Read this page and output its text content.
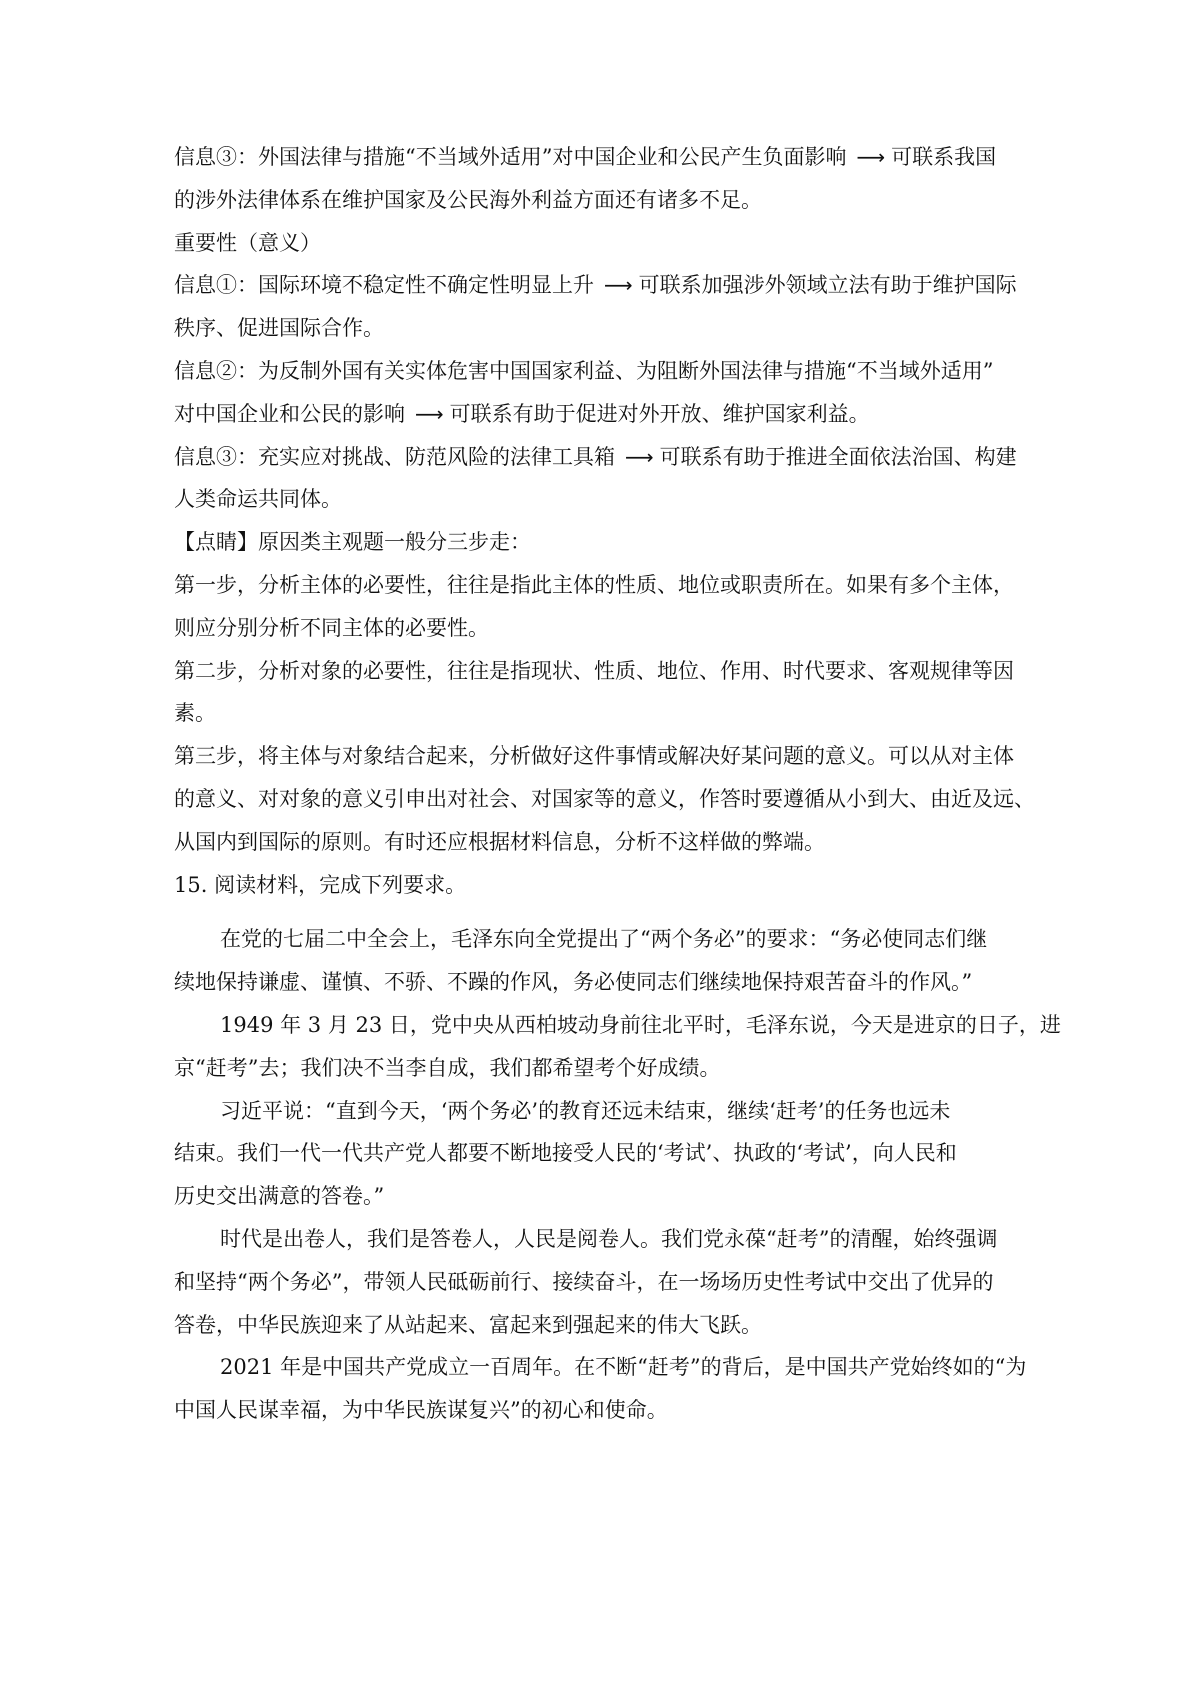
信息③：外国法律与措施“不当域外适用”对中国企业和公民产生负面影响 ⟶ 可联系我国
的涉外法律体系在维护国家及公民海外利益方面还有诸多不足。
重要性（意义）
信息①：国际环境不稳定性不确定性明显上升 ⟶ 可联系加强涉外领域立法有助于维护国际
秩序、促进国际合作。
信息②：为反制外国有关实体危害中国国家利益、为阻断外国法律与措施“不当域外适用”
对中国企业和公民的影响 ⟶ 可联系有助于促进对外开放、维护国家利益。
信息③：充实应对挑战、防范风险的法律工具箱 ⟶ 可联系有助于推进全面依法治国、构建
人类命运共同体。
【点睛】原因类主观题一般分三步走：
第一步，分析主体的必要性，往往是指此主体的性质、地位或职责所在。如果有多个主体，
则应分别分析不同主体的必要性。
第二步，分析对象的必要性，往往是指现状、性质、地位、作用、时代要求、客观规律等因
素。
第三步，将主体与对象结合起来，分析做好这件事情或解决好某问题的意义。可以从对主体
的意义、对对象的意义引申出对社会、对国家等的意义，作答时要遵循从小到大、由近及远、
从国内到国际的原则。有时还应根据材料信息，分析不这样做的弊端。
15. 阅读材料，完成下列要求。
在党的七届二中全会上，毛泽东向全党提出了“两个务必”的要求：“务必使同志们继
续地保持谦虚、谨慎、不骄、不躁的作风，务必使同志们继续地保持艰苦奋斗的作风。”
1949 年 3 月 23 日，党中央从西柏坡动身前往北平时，毛泽东说，今天是进京的日子，进
京“赶考”去；我们决不当李自成，我们都希望考个好成绩。
习近平说：“直到今天，‘两个务必’的教育还远未结束，继续‘赶考’的任务也远未
结束。我们一代一代共产党人都要不断地接受人民的‘考试’、执政的‘考试’，向人民和
历史交出满意的答卷。”
时代是出卷人，我们是答卷人，人民是阅卷人。我们党永葆“赶考”的清醒，始终强调
和坚持“两个务必”，带领人民砥砺前行、接续奋斗，在一场场历史性考试中交出了优异的
答卷，中华民族迎来了从站起来、富起来到强起来的伟大飞跃。
2021 年是中国共产党成立一百周年。在不断“赶考”的背后，是中国共产党始终如的“为
中国人民谋幸福，为中华民族谋复兴”的初心和使命。
